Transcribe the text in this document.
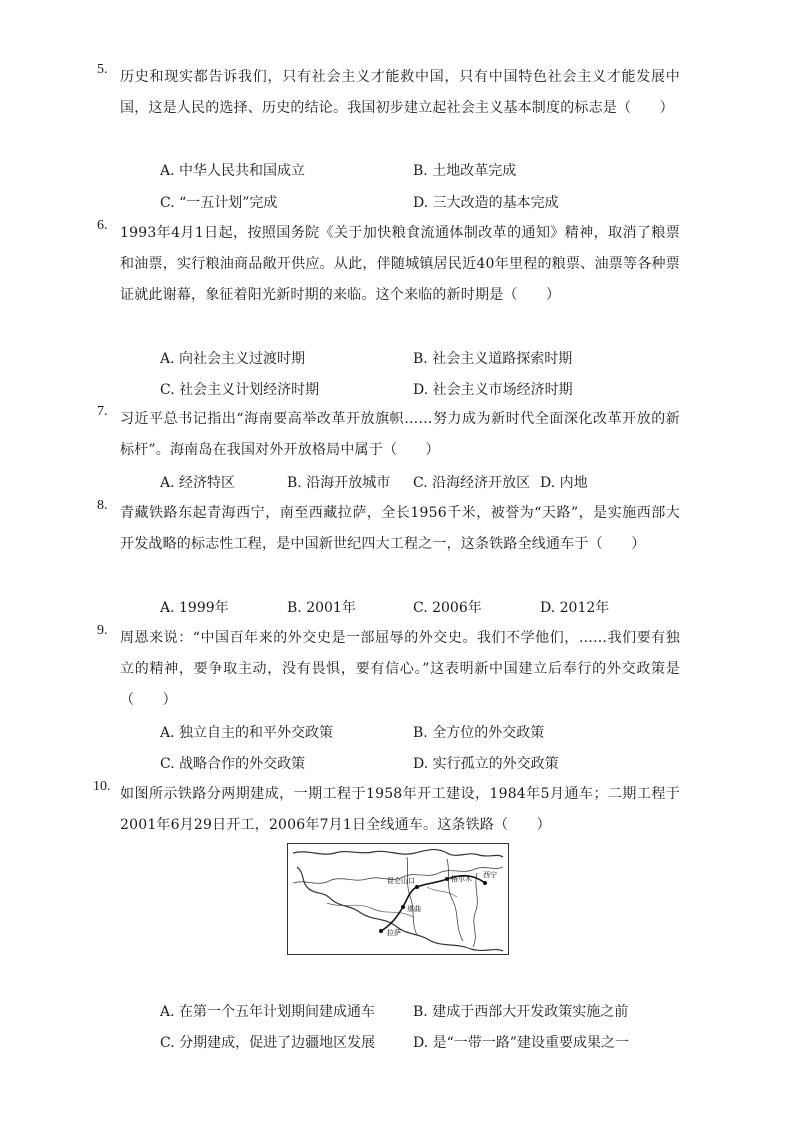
5. 历史和现实都告诉我们，只有社会主义才能救中国，只有中国特色社会主义才能发展中国，这是人民的选择、历史的结论。我国初步建立起社会主义基本制度的标志是（　　）
A. 中华人民共和国成立	B. 土地改革完成
C. “一五计划”完成	D. 三大改造的基本完成
6. 1993年4月1日起，按照国务院《关于加快粮食流通体制改革的通知》精神，取消了粮票和油票，实行粮油商品敞开供应。从此，伴随城镇居民近40年里程的粮票、油票等各种票证就此谢幕，象征着阳光新时期的来临。这个来临的新时期是（　　）
A. 向社会主义过渡时期	B. 社会主义道路探索时期
C. 社会主义计划经济时期	D. 社会主义市场经济时期
7. 习近平总书记指出“海南要高举改革开放旗帜……努力成为新时代全面深化改革开放的新标杆”。海南岛在我国对外开放格局中属于（　　）
A. 经济特区	B. 沿海开放城市 C. 沿海经济开放区 D. 内地
8. 青藏铁路东起青海西宁，南至西藏拉萨，全长1956千米，被誉为“天路”，是实施西部大开发战略的标志性工程，是中国新世纪四大工程之一，这条铁路全线通车于（　　）
A. 1999年	B. 2001年	C. 2006年	D. 2012年
9. 周恩来说：“中国百年来的外交史是一部屈辱的外交史。我们不学他们，……我们要有独立的精神，要争取主动，没有畏惧，要有信心。”这表明新中国建立后奉行的外交政策是（　　）
A. 独立自主的和平外交政策	B. 全方位的外交政策
C. 战略合作的外交政策	D. 实行孤立的外交政策
10. 如图所示铁路分两期建成，一期工程于1958年开工建设，1984年5月通车；二期工程于2001年6月29日开工，2006年7月1日全线通车。这条铁路（　　）
昆仑山口	格尔木 西宁
那曲
拉萨
A. 在第一个五年计划期间建成通车	B. 建成于西部大开发政策实施之前
C. 分期建成，促进了边疆地区发展	D. 是“一带一路”建设重要成果之一
